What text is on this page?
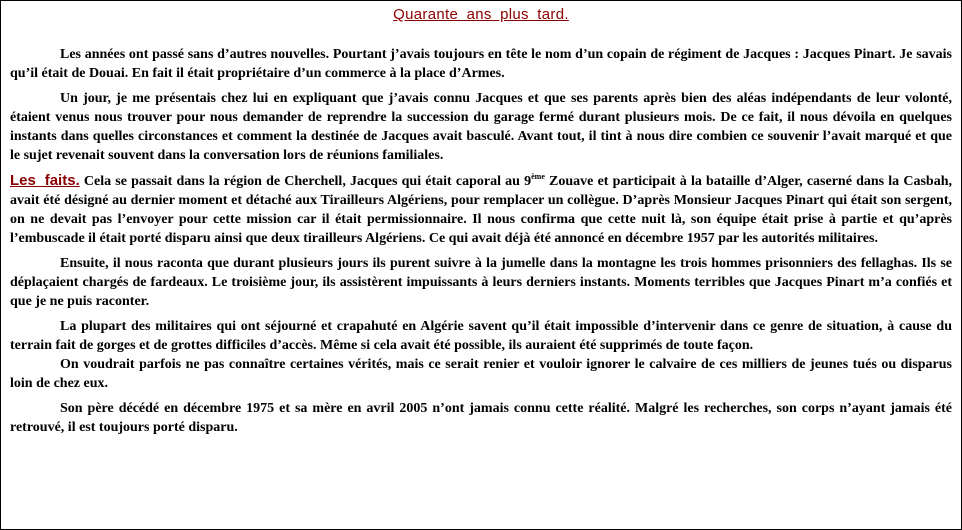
Quarante ans plus tard.

Les années ont passé sans d’autres nouvelles. Pourtant j’avais toujours en tête le nom d’un copain de régiment de Jacques : Jacques Pinart. Je savais qu’il était de Douai. En fait il était propriétaire d’un commerce à la place d’Armes.

Un jour, je me présentais chez lui en expliquant que j’avais connu Jacques et que ses parents après bien des aléas indépendants de leur volonté, étaient venus nous trouver pour nous demander de reprendre la succession du garage fermé durant plusieurs mois. De ce fait, il nous dévoila en quelques instants dans quelles circonstances et comment la destinée de Jacques avait basculé. Avant tout, il tint à nous dire combien ce souvenir l’avait marqué et que le sujet revenait souvent dans la conversation lors de réunions familiales.

Les faits. Cela se passait dans la région de Cherchell, Jacques qui était caporal au 9ème Zouave et participait à la bataille d’Alger, caserné dans la Casbah, avait été désigné au dernier moment et détaché aux Tirailleurs Algériens, pour remplacer un collègue. D’après Monsieur Jacques Pinart qui était son sergent, on ne devait pas l’envoyer pour cette mission car il était permissionnaire. Il nous confirma que cette nuit là, son équipe était prise à partie et qu’après l’embuscade il était porté disparu ainsi que deux tirailleurs Algériens. Ce qui avait déjà été annoncé en décembre 1957 par les autorités militaires.

Ensuite, il nous raconta que durant plusieurs jours ils purent suivre à la jumelle dans la montagne les trois hommes prisonniers des fellaghas. Ils se déplaçaient chargés de fardeaux. Le troisième jour, ils assistèrent impuissants à leurs derniers instants. Moments terribles que Jacques Pinart m’a confiés et que je ne puis raconter.

La plupart des militaires qui ont séjourné et crapahuté en Algérie savent qu’il était impossible d’intervenir dans ce genre de situation, à cause du terrain fait de gorges et de grottes difficiles d’accès. Même si cela avait été possible, ils auraient été supprimés de toute façon.

On voudrait parfois ne pas connaître certaines vérités, mais ce serait renier et vouloir ignorer le calvaire de ces milliers de jeunes tués ou disparus loin de chez eux.

Son père décédé en décembre 1975 et sa mère en avril 2005 n’ont jamais connu cette réalité. Malgré les recherches, son corps n’ayant jamais été retrouvé, il est toujours porté disparu.
